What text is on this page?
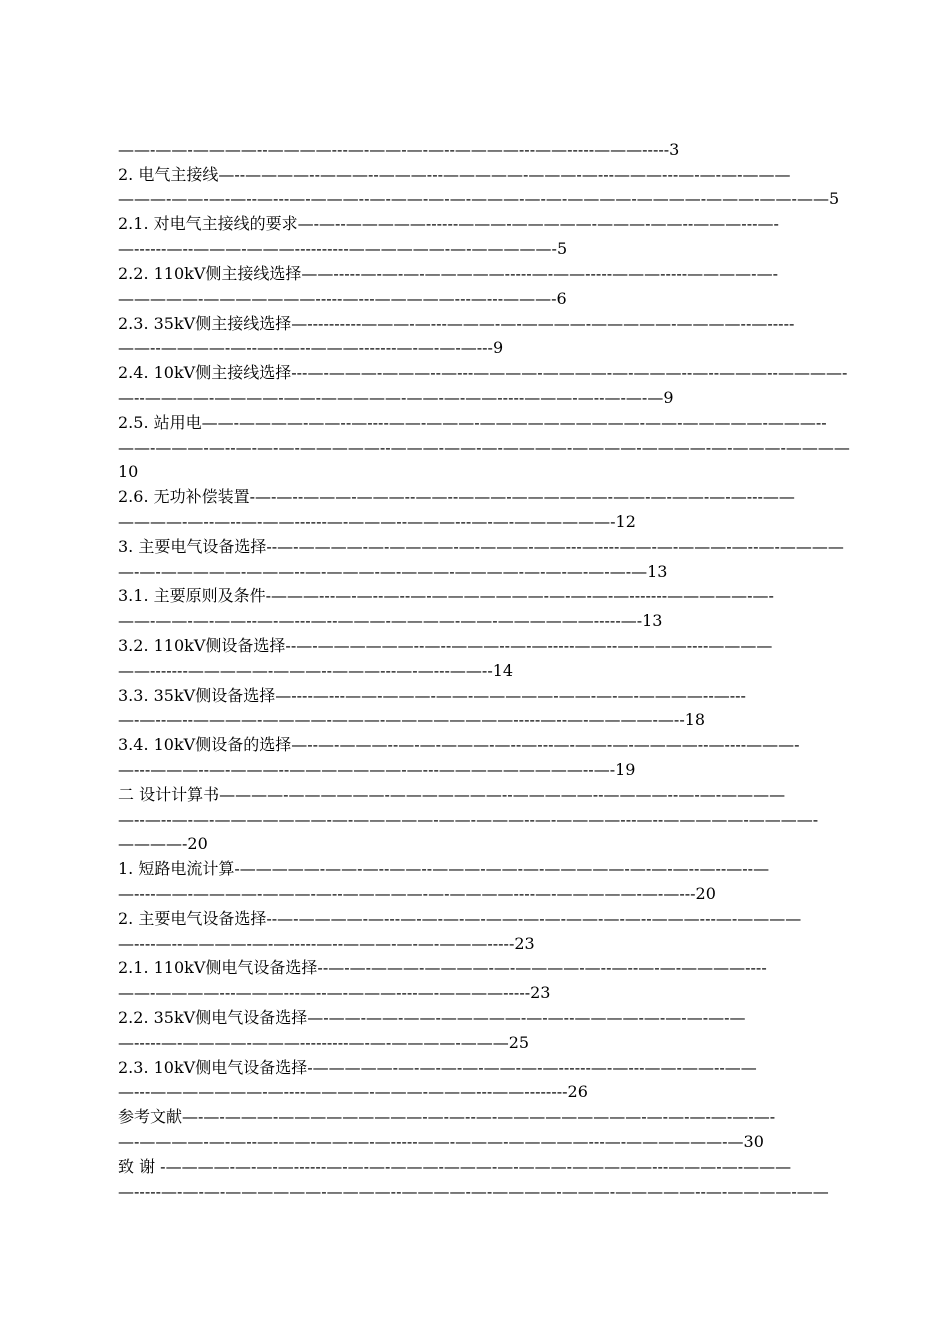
——-——-————--————---—-——-—-—--————---——-----———-----3
2. 电气主接线—--————--———--———---—————-———-—---———---—-—-—-———
———-——-—-—--—---—-———--—-——-—-—-———-—-—-————-————-———-——-——5
2.1. 对电气主接线的要求—-—--—————------———-—————-———-——--———---—-
—------—--———-———----------——————-—-—————-5
2.2. 110kV侧主接线选择——-----—-—-—-—————-----—-——-----———-----————-—-
—————-———————-----—---—————---—---———-6
2.3. 35kV侧主接线选择—----------———-—---———-—-————-—————-————--—-----
——--————-—--—--—--———-------—-—-—-—---9
2.4. 10kV侧主接线选择---—-———-———--—---————-————-—-———--—--———--————-
—--————-————-——-—————-——-—-——-----———-—--—-—-—9
2.5. 站用电——-————-——--—----——-———-——————————-——-—————-———--
——-———-—--—-—-—-—————--———-——-—-————-————-————-—-———-————
10
2.6. 无功补偿装置-—-—--———-———--——--———-——————-——-—-——-—-—---——
————-—--—--—-——------—-———--———---—-—-——————-12
3. 主要电气设备选择--—-————-—-————-—-———-——---—----——-—-———-—--—-————
—-—-—————-———--—-———-—-———-————-—-—-—-—-—-—13
3.1. 主要原则及条件-———---—-—--—--—-———————-—-—-—-—-------—————-—-
——-——-—-——--—-—---—--———-————-——-——————-----—-13
3.2. 110kV侧设备选择--—-——————--—--———--—-—-----——--—-———----————
——-------—————-———--———---—-—---——--14
3.3. 35kV侧设备选择—----—---——-———-——-—————-——-—-—-————--—---
—-—--—--————-————-———-————————-----—--—-————-—--18
3.4. 10kV侧设备的选择—--—-———--—-—-———-—--—---—-——-—-————--—----———-
—---———--—-———--———————-—---—————————--—-19
二 设计计算书————-——————-———————--—————--————--—-—-————
—--—--—-—-———————-—-—————-——-———--—-————---—--—————-————-
————-20
1. 短路电流计算-—————-——-—--——--———-——-—-—————-—-—-—--—--—--—
—----——-————-———-—--—————-—-————----—-—————-—-—---20
2. 主要电气设备选择--—-————-—---—-—-—-—-——-—-—-——-—-—--———---—-————
—----—--————-—-—-----—--———-—-—-———-----23
2.1. 110kV侧电气设备选择--—-—-———-————-—-————-—--—--—-—-————----
——-————---———---—--—-———----—-————-----23
2.2. 35kV侧电气设备选择—-——-——-——-—————-—-—--————-—-—-—-—-—
—-----—-————-———---------—-—-————-———25
2.3. 10kV侧电气设备选择-—————-—-—-—-—-——-—-—------—-—---——-——--——
—---———————-—----————-———-———---——--------26
参考文献—-—-———-—————————-—-—--—-—————————-—-—-—-—-—-—-
—-————-—-—--—-——-——-—-—-----——-———-—————---—-——————-—30
致 谢 -————-—-—-—------—-—-—-———-———-—-———-—————---———-—-———
—-----—-—-—-——————-————--————-—-————-———-—————--—-————-——
